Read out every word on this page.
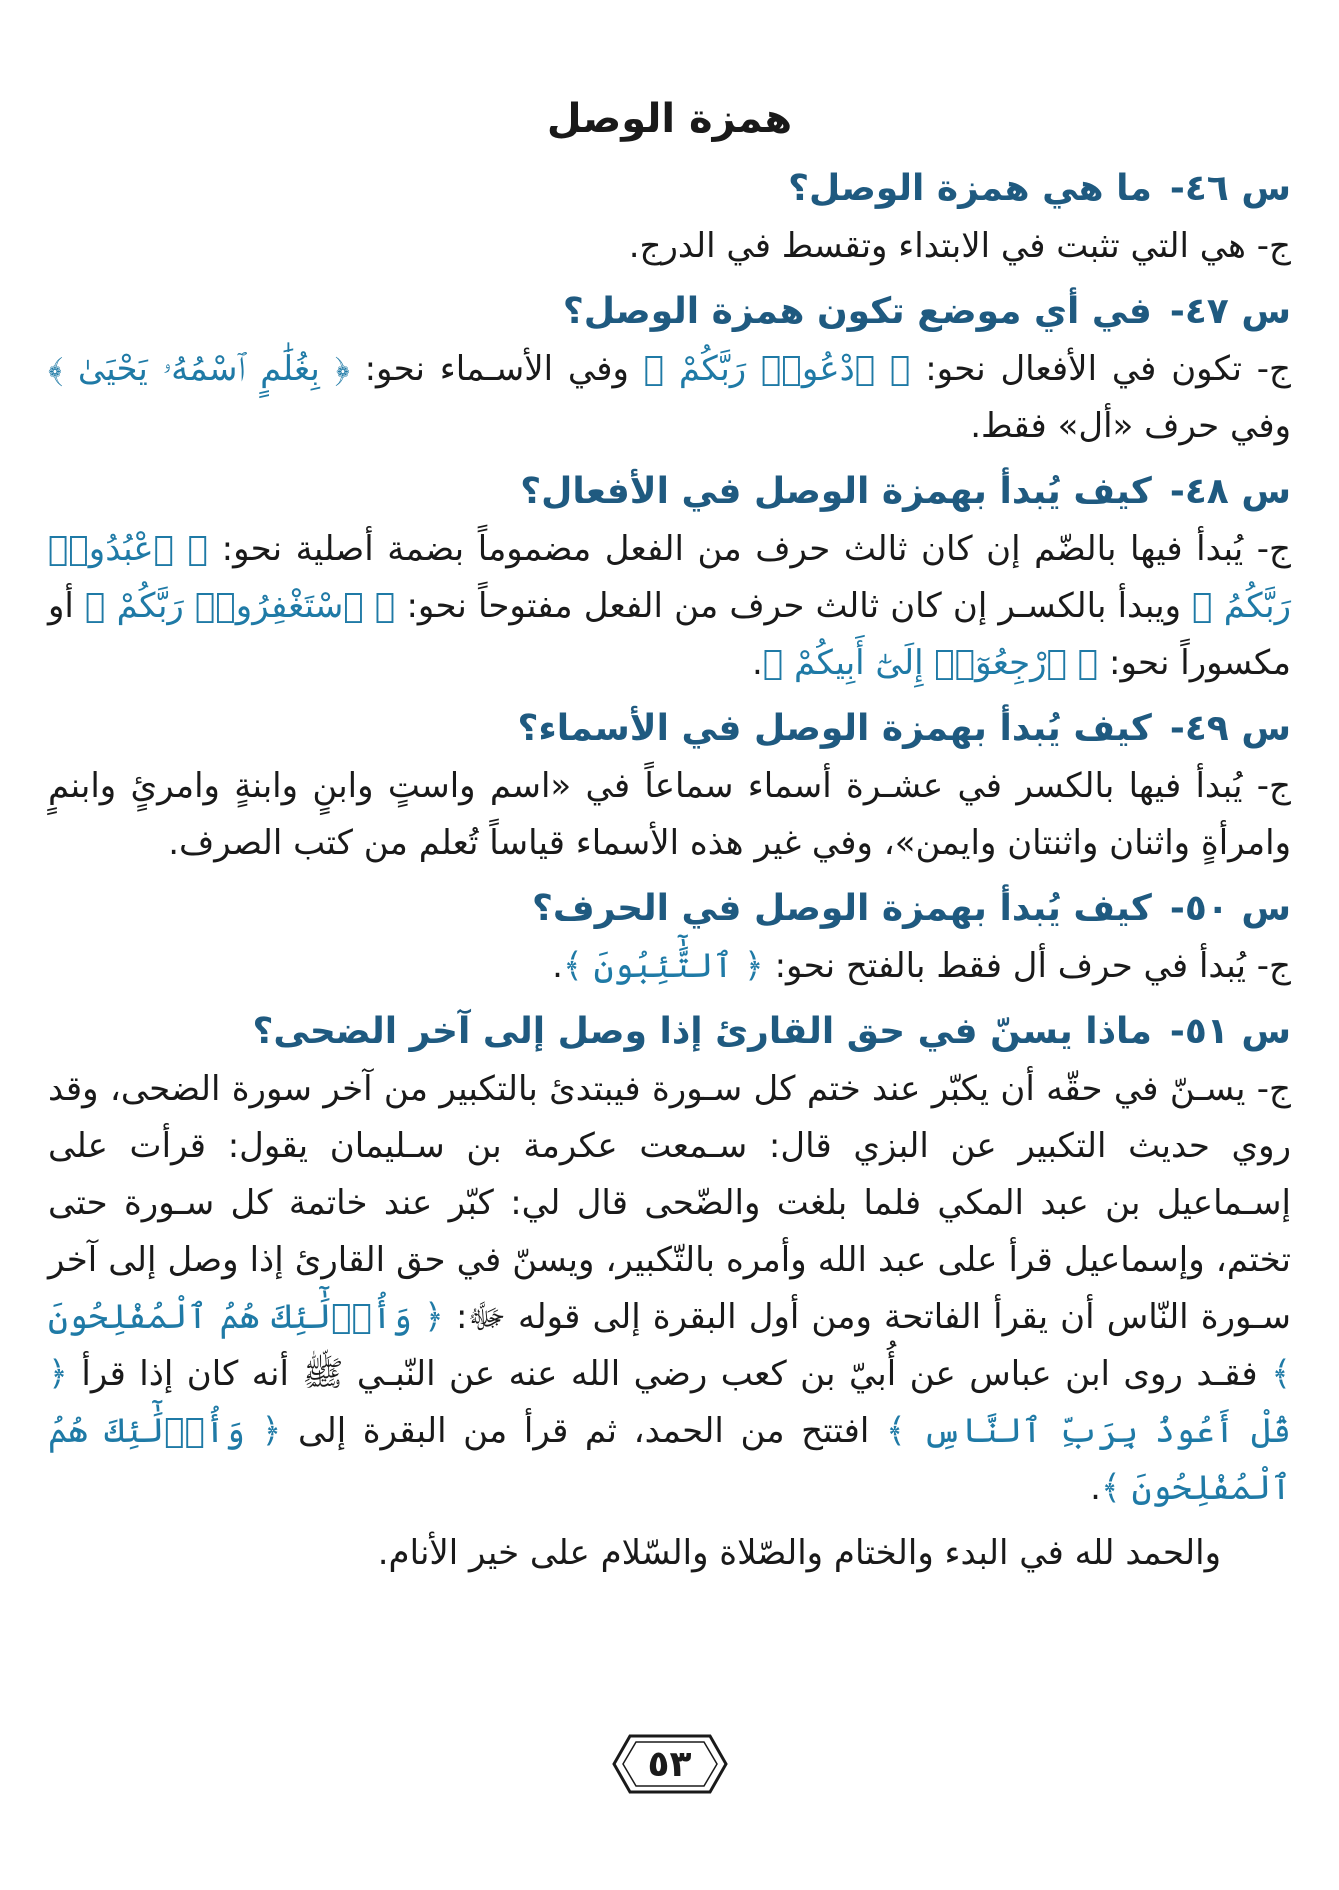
همزة الوصل

س ٤٦-ما هي همزة الوصل؟

ج- هي التي تثبت في الابتداء وتقسط في الدرج.

س ٤٧-في أي موضع تكون همزة الوصل؟

ج- تكون في الأفعال نحو: ﴿ ٱدْعُوا۟ رَبَّكُمْ ﴾ وفي الأسـماء نحو: ﴿ بِغُلَٰمٍ ٱسْمُهُۥ يَحْيَىٰ ﴾ وفي حرف «أل» فقط.

س ٤٨-كيف يُبدأ بهمزة الوصل في الأفعال؟

ج- يُبدأ فيها بالضّم إن كان ثالث حرف من الفعل مضموماً بضمة أصلية نحو: ﴿ ٱعْبُدُوا۟ رَبَّكُمُ ﴾ ويبدأ بالكسـر إن كان ثالث حرف من الفعل مفتوحاً نحو: ﴿ ٱسْتَغْفِرُوا۟ رَبَّكُمْ ﴾ أو مكسوراً نحو: ﴿ ٱرْجِعُوٓا۟ إِلَىٰٓ أَبِيكُمْ ﴾.

س ٤٩-كيف يُبدأ بهمزة الوصل في الأسماء؟

ج- يُبدأ فيها بالكسر في عشـرة أسماء سماعاً في «اسم واستٍ وابنٍ وابنةٍ وامرئٍ وابنمٍ وامرأةٍ واثنان واثنتان وايمن»، وفي غير هذه الأسماء قياساً تُعلم من كتب الصرف.

س ٥٠-كيف يُبدأ بهمزة الوصل في الحرف؟

ج- يُبدأ في حرف أل فقط بالفتح نحو: ﴿ ٱلتَّٰٓئِبُونَ ﴾.

س ٥١-ماذا يسنّ في حق القارئ إذا وصل إلى آخر الضحى؟

ج- يسـنّ في حقّه أن يكبّر عند ختم كل سـورة فيبتدئ بالتكبير من آخر سورة الضحى، وقد روي حديث التكبير عن البزي قال: سـمعت عكرمة بن سـليمان يقول: قرأت على إسـماعيل بن عبد المكي فلما بلغت والضّحى قال لي: كبّر عند خاتمة كل سـورة حتى تختم، وإسماعيل قرأ على عبد الله وأمره بالتّكبير، ويسنّ في حق القارئ إذا وصل إلى آخر سـورة النّاس أن يقرأ الفاتحة ومن أول البقرة إلى قوله ﷻ: ﴿ وَأُو۟لَٰٓئِكَ هُمُ ٱلْمُفْلِحُونَ ﴾ فقـد روى ابن عباس عن أُبيّ بن كعب رضي الله عنه عن النّبـي ﷺ أنه كان إذا قرأ ﴿ قُلْ أَعُوذُ بِرَبِّ ٱلنَّاسِ ﴾ افتتح من الحمد، ثم قرأ من البقرة إلى ﴿ وَأُو۟لَٰٓئِكَ هُمُ ٱلْمُفْلِحُونَ ﴾.

والحمد لله في البدء والختام والصّلاة والسّلام على خير الأنام.

٥٣
